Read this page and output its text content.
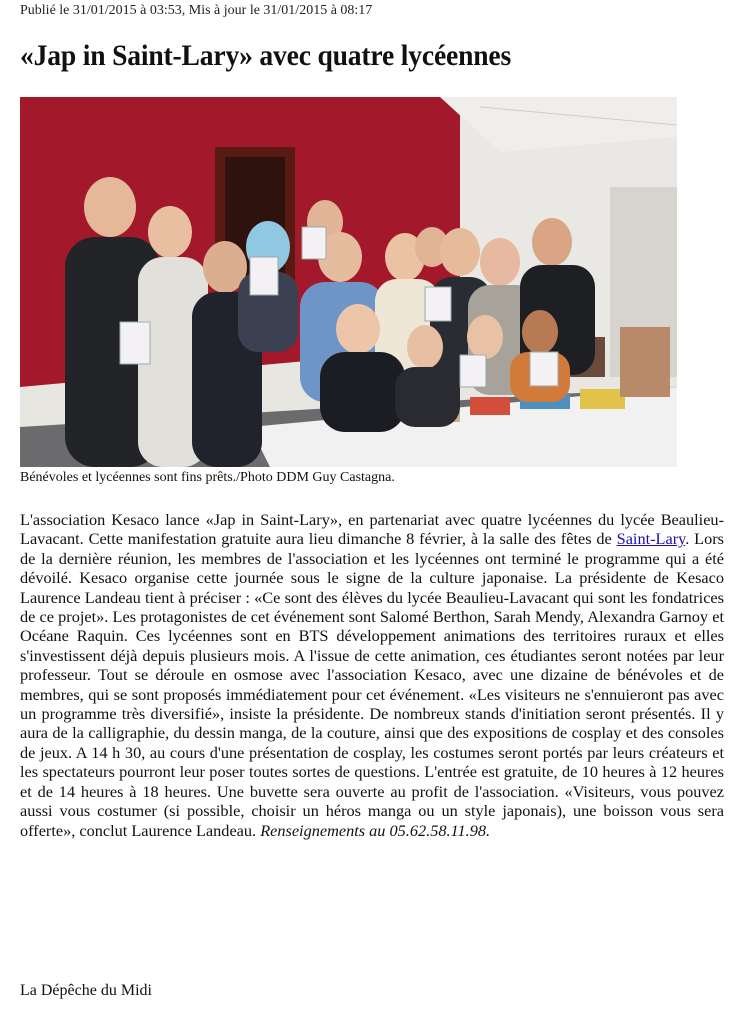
Publié le 31/01/2015 à 03:53, Mis à jour le 31/01/2015 à 08:17
«Jap in Saint-Lary» avec quatre lycéennes
Bénévoles et lycéennes sont fins prêts./Photo DDM Guy Castagna.

L'association Kesaco lance «Jap in Saint-Lary», en partenariat avec quatre lycéennes du lycée Beaulieu-Lavacant. Cette manifestation gratuite aura lieu dimanche 8 février, à la salle des fêtes de Saint-Lary. Lors de la dernière réunion, les membres de l'association et les lycéennes ont terminé le programme qui a été dévoilé. Kesaco organise cette journée sous le signe de la culture japonaise. La présidente de Kesaco Laurence Landeau tient à préciser : «Ce sont des élèves du lycée Beaulieu-Lavacant qui sont les fondatrices de ce projet». Les protagonistes de cet événement sont Salomé Berthon, Sarah Mendy, Alexandra Garnoy et Océane Raquin. Ces lycéennes sont en BTS développement animations des territoires ruraux et elles s'investissent déjà depuis plusieurs mois. A l'issue de cette animation, ces étudiantes seront notées par leur professeur. Tout se déroule en osmose avec l'association Kesaco, avec une dizaine de bénévoles et de membres, qui se sont proposés immédiatement pour cet événement. «Les visiteurs ne s'ennuieront pas avec un programme très diversifié», insiste la présidente. De nombreux stands d'initiation seront présentés. Il y aura de la calligraphie, du dessin manga, de la couture, ainsi que des expositions de cosplay et des consoles de jeux. A 14 h 30, au cours d'une présentation de cosplay, les costumes seront portés par leurs créateurs et les spectateurs pourront leur poser toutes sortes de questions. L'entrée est gratuite, de 10 heures à 12 heures et de 14 heures à 18 heures. Une buvette sera ouverte au profit de l'association. «Visiteurs, vous pouvez aussi vous costumer (si possible, choisir un héros manga ou un style japonais), une boisson vous sera offerte», conclut Laurence Landeau. Renseignements au 05.62.58.11.98.

La Dépêche du Midi
